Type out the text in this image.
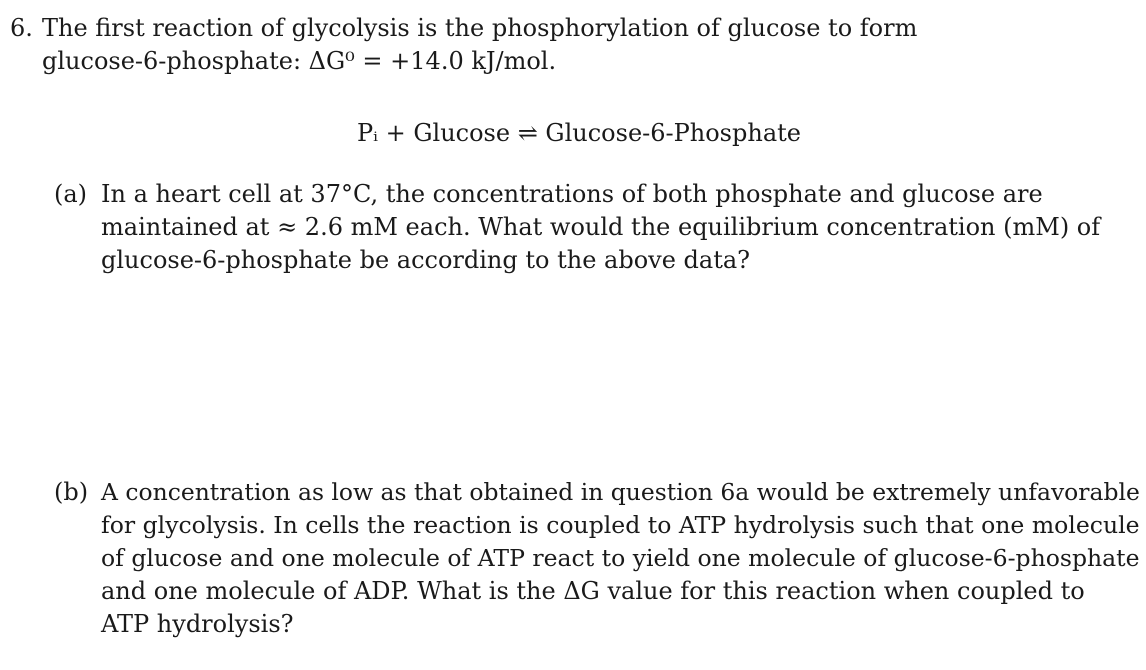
6. The first reaction of glycolysis is the phosphorylation of glucose to form
glucose-6-phosphate: ΔG⁰ = +14.0 kJ/mol.
Pᵢ + Glucose ⇌ Glucose-6-Phosphate
(a) In a heart cell at 37°C, the concentrations of both phosphate and glucose are
maintained at ≈ 2.6 mM each. What would the equilibrium concentration (mM) of
glucose-6-phosphate be according to the above data?
(b) A concentration as low as that obtained in question 6a would be extremely unfavorable
for glycolysis. In cells the reaction is coupled to ATP hydrolysis such that one molecule
of glucose and one molecule of ATP react to yield one molecule of glucose-6-phosphate
and one molecule of ADP. What is the ΔG value for this reaction when coupled to
ATP hydrolysis?
